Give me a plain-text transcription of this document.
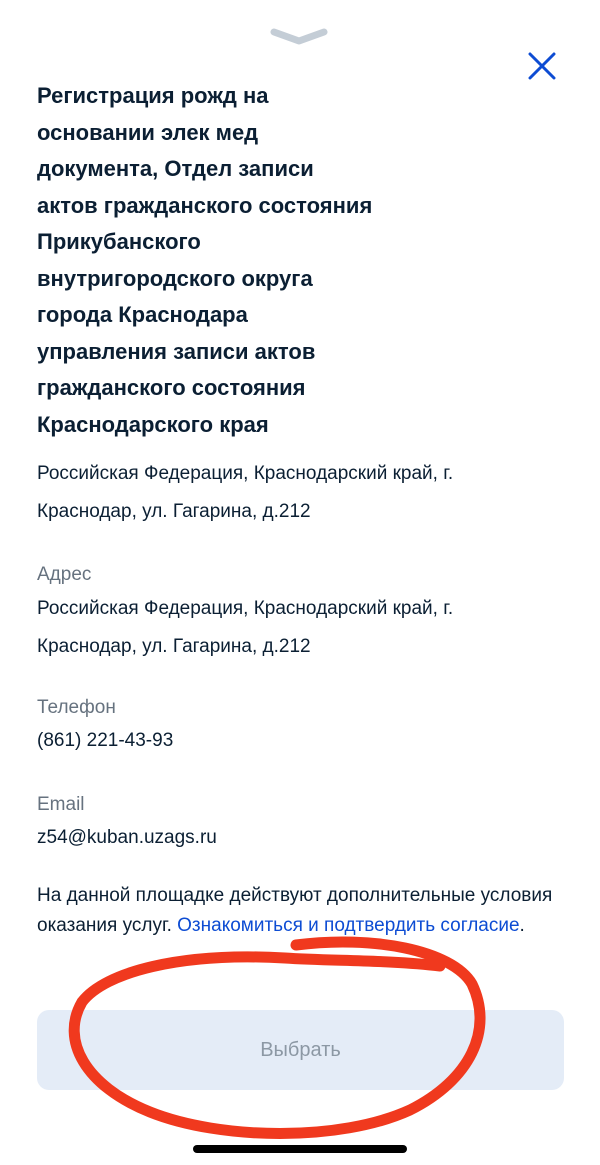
Регистрация рожд на
основании элек мед
документа, Отдел записи
актов гражданского состояния
Прикубанского
внутригородского округа
города Краснодара
управления записи актов
гражданского состояния
Краснодарского края

Российская Федерация, Краснодарский край, г. Краснодар, ул. Гагарина, д.212

Адрес
Российская Федерация, Краснодарский край, г. Краснодар, ул. Гагарина, д.212
Телефон
(861) 221-43-93
Email
z54@kuban.uzags.ru

На данной площадке действуют дополнительные условия оказания услуг. Ознакомиться и подтвердить согласие.

Выбрать
